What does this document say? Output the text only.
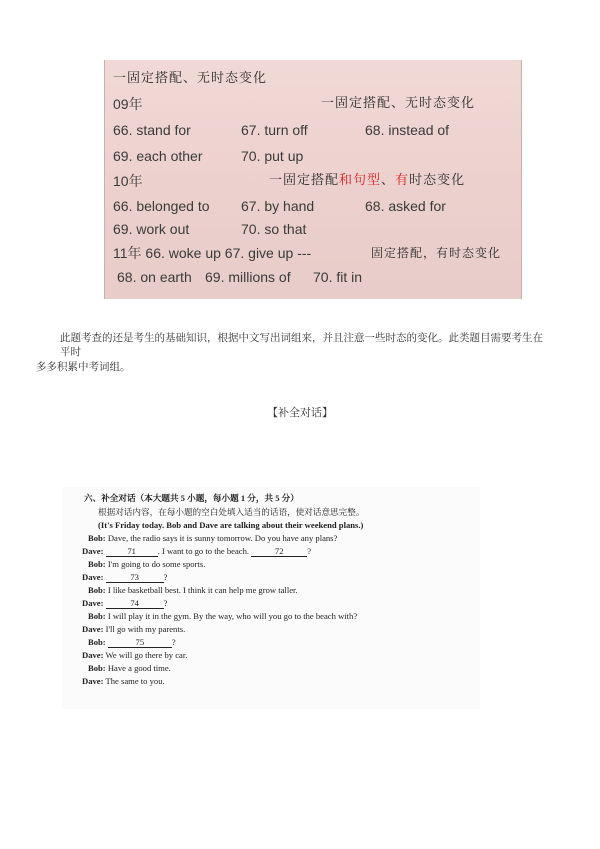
一固定搭配、无时态变化
09年	一固定搭配、无时态变化
66. stand for	67. turn off	68. instead of
69. each other	70. put up
10年	一固定搭配和句型、有时态变化
66. belonged to 67. by hand	68. asked for
69. work out	70. so that
11年 66. woke up 67. give up ---	固定搭配，有时态变化
68. on earth 69. millions of 70. fit in
此题考查的还是考生的基础知识，根据中文写出词组来，并且注意一些时态的变化。此类题目需要考生在平时
多多积累中考词组。
【补全对话】
六、补全对话（本大题共 5 小题，每小题 1 分，共 5 分）
根据对话内容，在每小题的空白处填入适当的话语，使对话意思完整。
(It's Friday today. Bob and Dave are talking about their weekend plans.)
Bob: Dave, the radio says it is sunny tomorrow. Do you have any plans?
Dave:	71	. I want to go to the beach.	72	?
Bob: I'm going to do some sports.
Dave:	73	?
Bob: I like basketball best. I think it can help me grow taller.
Dave:	74	?
Bob: I will play it in the gym. By the way, who will you go to the beach with?
Dave: I'll go with my parents.
Bob:	75	?
Dave: We will go there by car.
Bob: Have a good time.
Dave: The same to you.
